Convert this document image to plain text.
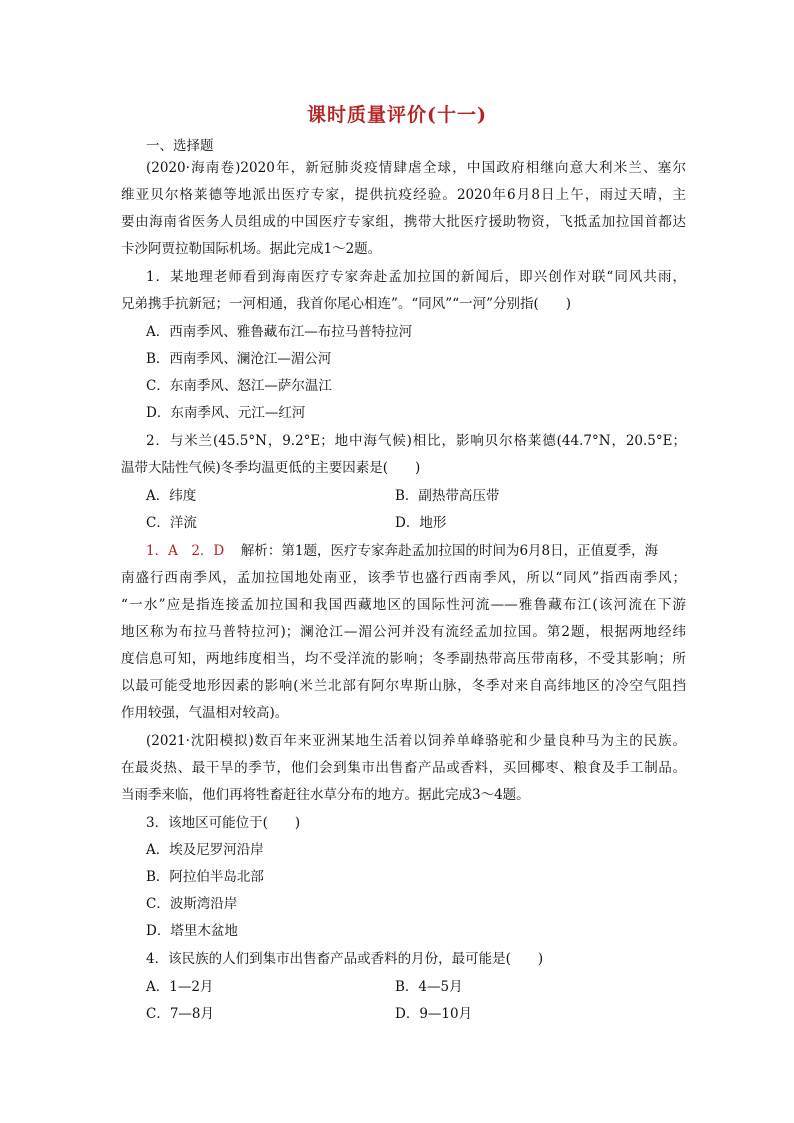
课时质量评价(十一)
一、选择题
(2020·海南卷)2020年，新冠肺炎疫情肆虐全球，中国政府相继向意大利米兰、塞尔
维亚贝尔格莱德等地派出医疗专家，提供抗疫经验。2020年6月8日上午，雨过天晴，主
要由海南省医务人员组成的中国医疗专家组，携带大批医疗援助物资，飞抵孟加拉国首都达
卡沙阿贾拉勒国际机场。据此完成1～2题。
1．某地理老师看到海南医疗专家奔赴孟加拉国的新闻后，即兴创作对联“同风共雨，
兄弟携手抗新冠；一河相通，我首你尾心相连”。“同风”“一河”分别指(　　)
A．西南季风、雅鲁藏布江—布拉马普特拉河
B．西南季风、澜沧江—湄公河
C．东南季风、怒江—萨尔温江
D．东南季风、元江—红河
2．与米兰(45.5°N，9.2°E；地中海气候)相比，影响贝尔格莱德(44.7°N，20.5°E；
温带大陆性气候)冬季均温更低的主要因素是(　　)
A．纬度	B．副热带高压带
C．洋流	D．地形
1．A　2．D 解析：第1题，医疗专家奔赴孟加拉国的时间为6月8日，正值夏季，海
南盛行西南季风，孟加拉国地处南亚，该季节也盛行西南季风，所以“同风”指西南季风；
“一水”应是指连接孟加拉国和我国西藏地区的国际性河流——雅鲁藏布江(该河流在下游
地区称为布拉马普特拉河)；澜沧江—湄公河并没有流经孟加拉国。第2题，根据两地经纬
度信息可知，两地纬度相当，均不受洋流的影响；冬季副热带高压带南移，不受其影响；所
以最可能受地形因素的影响(米兰北部有阿尔卑斯山脉，冬季对来自高纬地区的冷空气阻挡
作用较强，气温相对较高)。
(2021·沈阳模拟)数百年来亚洲某地生活着以饲养单峰骆驼和少量良种马为主的民族。
在最炎热、最干旱的季节，他们会到集市出售畜产品或香料，买回椰枣、粮食及手工制品。
当雨季来临，他们再将牲畜赶往水草分布的地方。据此完成3～4题。
3．该地区可能位于(　　)
A．埃及尼罗河沿岸
B．阿拉伯半岛北部
C．波斯湾沿岸
D．塔里木盆地
4．该民族的人们到集市出售畜产品或香料的月份，最可能是(　　)
A．1—2月	B．4—5月
C．7—8月	D．9—10月
